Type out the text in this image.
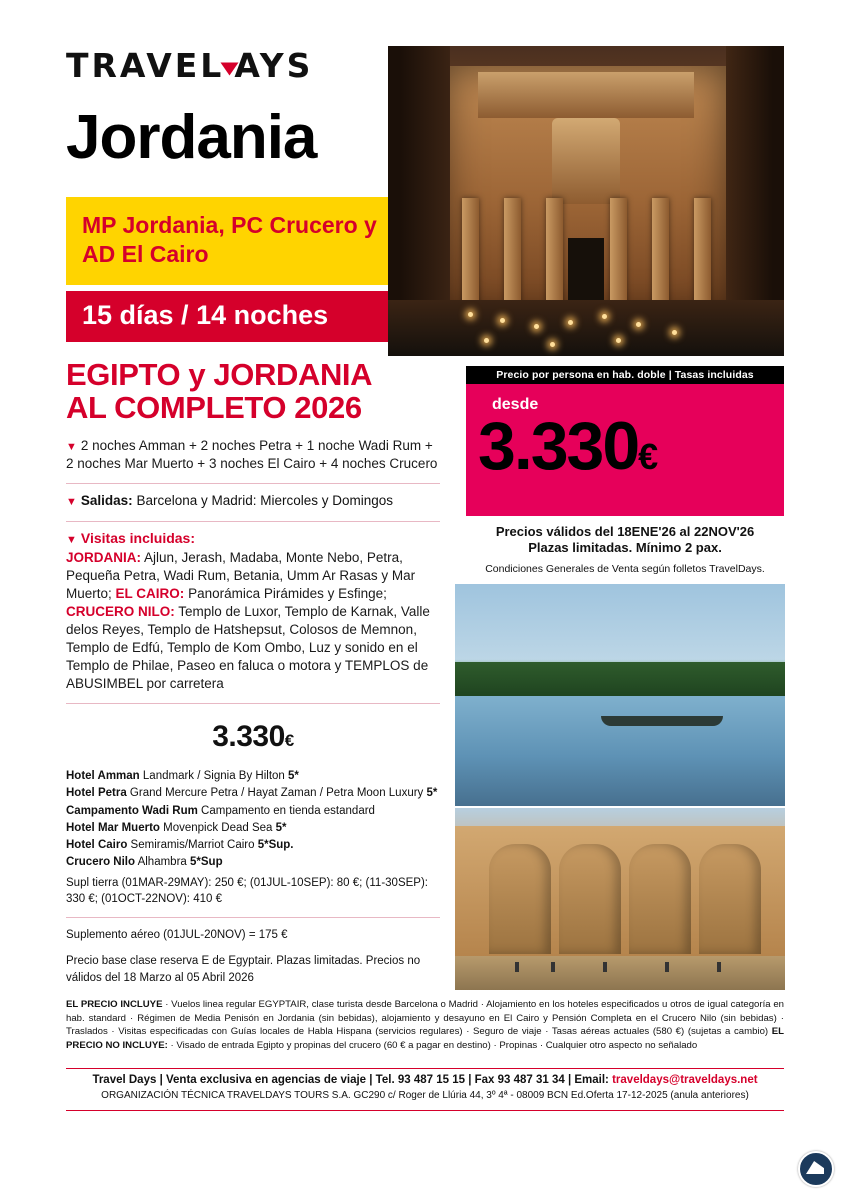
TRAVEL AYS
Jordania
MP Jordania, PC Crucero y AD El Cairo
15 días / 14 noches
EGIPTO y JORDANIA
AL COMPLETO 2026
▼ 2 noches Amman + 2 noches Petra + 1 noche Wadi Rum + 2 noches Mar Muerto + 3 noches El Cairo + 4 noches Crucero
▼ Salidas: Barcelona y Madrid: Miercoles y Domingos
▼ Visitas incluidas:
JORDANIA: Ajlun, Jerash, Madaba, Monte Nebo, Petra, Pequeña Petra, Wadi Rum, Betania, Umm Ar Rasas y Mar Muerto; EL CAIRO: Panorámica Pirámides y Esfinge; CRUCERO NILO: Templo de Luxor, Templo de Karnak, Valle delos Reyes, Templo de Hatshepsut, Colosos de Memnon, Templo de Edfú, Templo de Kom Ombo, Luz y sonido en el Templo de Philae, Paseo en faluca o motora y TEMPLOS de ABUSIMBEL por carretera
3.330€
Hotel Amman Landmark / Signia By Hilton 5*
Hotel Petra Grand Mercure Petra / Hayat Zaman / Petra Moon Luxury 5*
Campamento Wadi Rum Campamento en tienda estandard
Hotel Mar Muerto Movenpick Dead Sea 5*
Hotel Cairo Semiramis/Marriot Cairo 5*Sup.
Crucero Nilo Alhambra 5*Sup
Supl tierra (01MAR-29MAY): 250 €; (01JUL-10SEP): 80 €; (11-30SEP): 330 €; (01OCT-22NOV): 410 €
Suplemento aéreo (01JUL-20NOV) = 175 €
Precio base clase reserva E de Egyptair. Plazas limitadas. Precios no válidos del 18 Marzo al 05 Abril 2026
Precio por persona en hab. doble | Tasas incluidas
desde
3.330€
Precios válidos del 18ENE'26 al 22NOV'26
Plazas limitadas. Mínimo 2 pax.
Condiciones Generales de Venta según folletos TravelDays.
EL PRECIO INCLUYE · Vuelos linea regular EGYPTAIR, clase turista desde Barcelona o Madrid · Alojamiento en los hoteles especificados u otros de igual categoría en hab. standard · Régimen de Media Penisón en Jordania (sin bebidas), alojamiento y desayuno en El Cairo y Pensión Completa en el Crucero Nilo (sin bebidas) · Traslados · Visitas especificadas con Guías locales de Habla Hispana (servicios regulares) · Seguro de viaje · Tasas aéreas actuales (580 €) (sujetas a cambio) EL PRECIO NO INCLUYE: · Visado de entrada Egipto y propinas del crucero (60 € a pagar en destino) · Propinas · Cualquier otro aspecto no señalado
Travel Days | Venta exclusiva en agencias de viaje | Tel. 93 487 15 15 | Fax 93 487 31 34 | Email: traveldays@traveldays.net
ORGANIZACIÓN TÉCNICA TRAVELDAYS TOURS S.A. GC290 c/ Roger de Llúria 44, 3º 4ª - 08009 BCN Ed.Oferta 17-12-2025 (anula anteriores)
